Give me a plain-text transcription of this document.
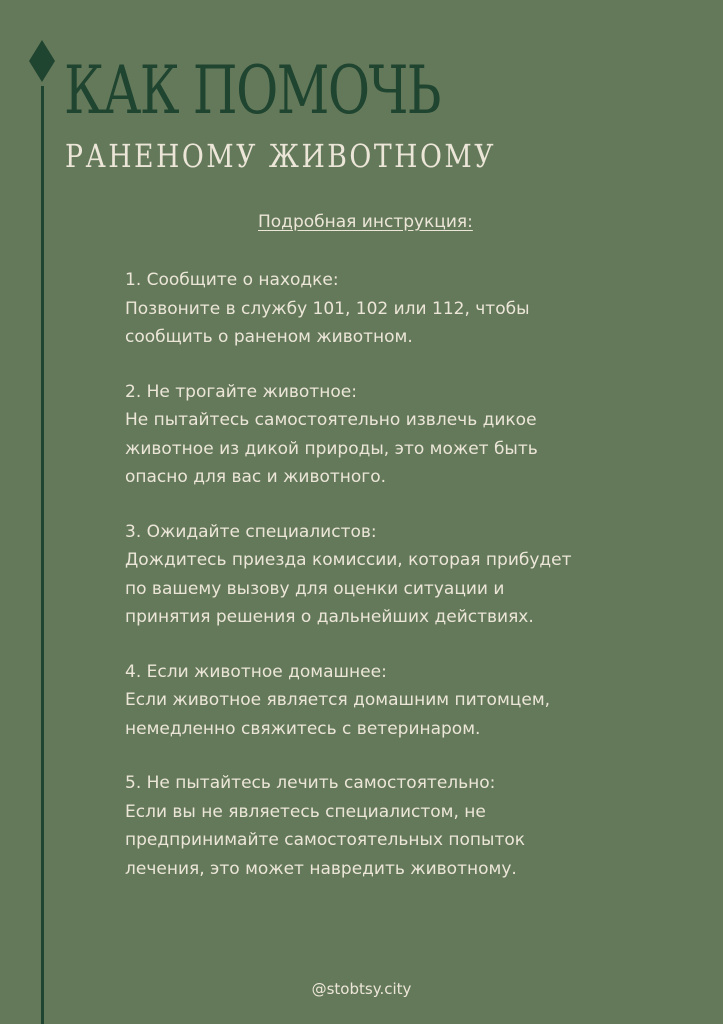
КАК ПОМОЧЬ
РАНЕНОМУ ЖИВОТНОМУ
Подробная инструкция:
1. Сообщите о находке:
Позвоните в службу 101, 102 или 112, чтобы
сообщить о раненом животном.
2. Не трогайте животное:
Не пытайтесь самостоятельно извлечь дикое
животное из дикой природы, это может быть
опасно для вас и животного.
3. Ожидайте специалистов:
Дождитесь приезда комиссии, которая прибудет
по вашему вызову для оценки ситуации и
принятия решения о дальнейших действиях.
4. Если животное домашнее:
Если животное является домашним питомцем,
немедленно свяжитесь с ветеринаром.
5. Не пытайтесь лечить самостоятельно:
Если вы не являетесь специалистом, не
предпринимайте самостоятельных попыток
лечения, это может навредить животному.
@stobtsy.city
